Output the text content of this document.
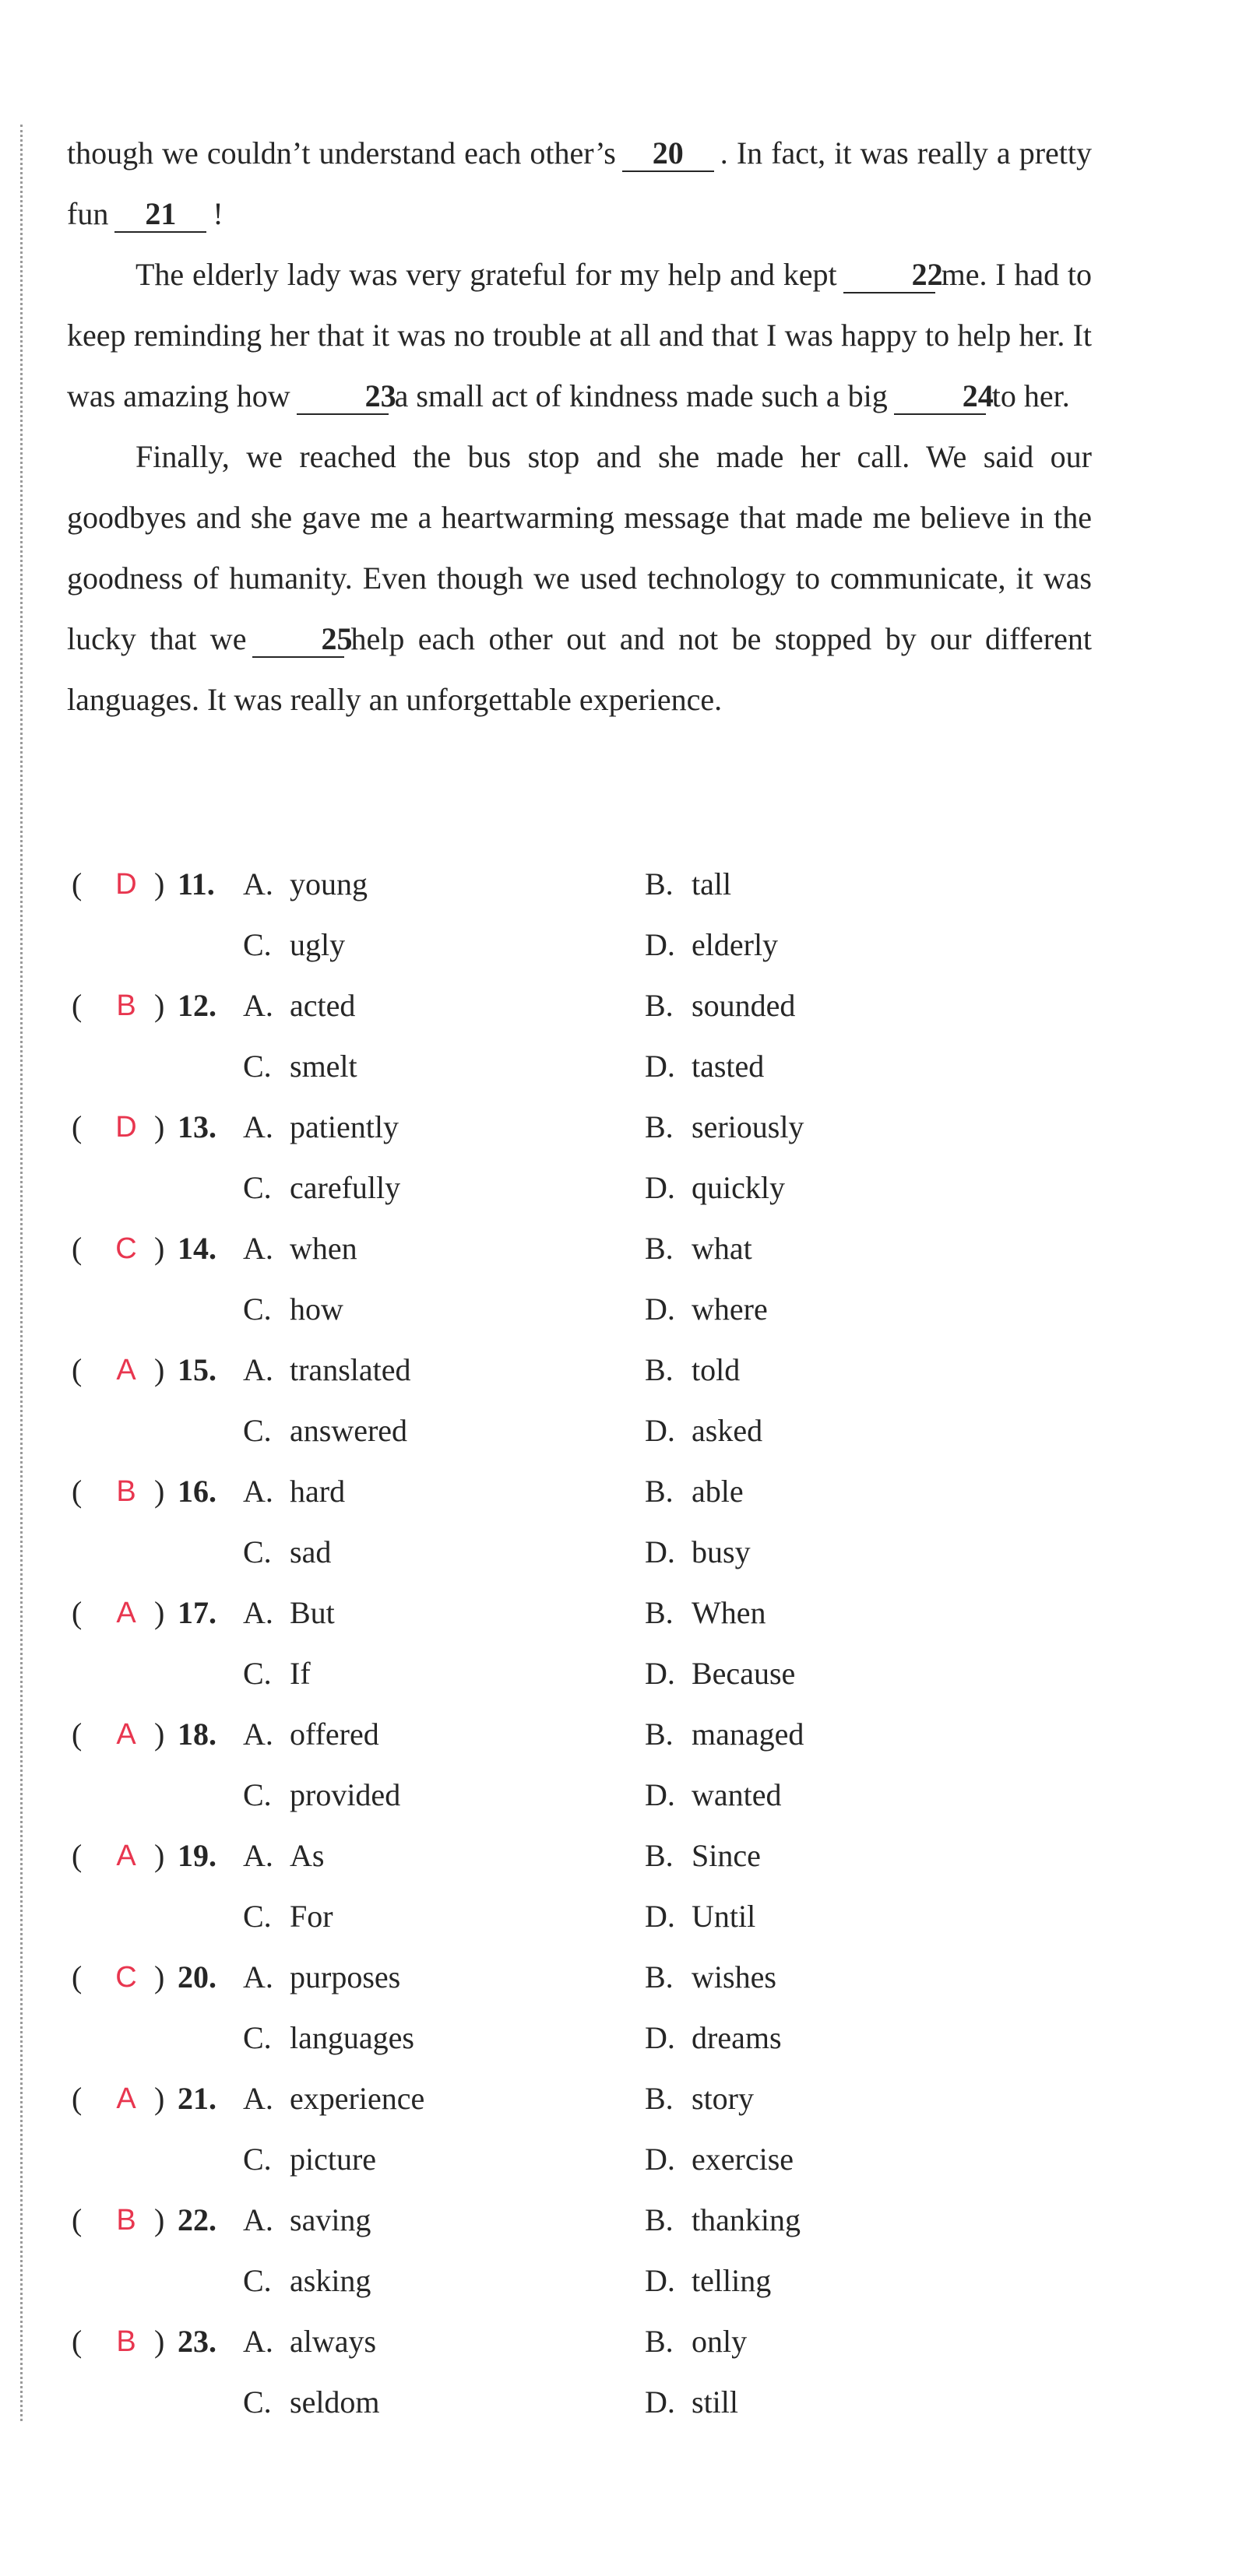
though we couldn’t understand each other’s 20 . In fact, it was really a pretty fun 21 !

The elderly lady was very grateful for my help and kept 22me. I had to keep reminding her that it was no trouble at all and that I was happy to help her. It was amazing how 23a small act of kindness made such a big 24to her.

Finally, we reached the bus stop and she made her call. We said our goodbyes and she gave me a heartwarming message that made me believe in the goodness of humanity. Even though we used technology to communicate, it was lucky that we 25help each other out and not be stopped by our different languages. It was really an unforgettable experience.

(	D ) 11. A. young	B. tall
C. ugly	D. elderly
(	B ) 12. A. acted	B. sounded
C. smelt	D. tasted
(	D ) 13. A. patiently	B. seriously
C. carefully	D. quickly
(	C ) 14. A. when	B. what
C. how	D. where
(	A ) 15. A. translated	B. told
C. answered	D. asked
(	B ) 16. A. hard	B. able
C. sad	D. busy
(	A ) 17. A. But	B. When
C. If	D. Because
(	A ) 18. A. offered	B. managed
C. provided	D. wanted
(	A ) 19. A. As	B. Since
C. For	D. Until
(	C ) 20. A. purposes	B. wishes
C. languages	D. dreams
(	A ) 21. A. experience	B. story
C. picture	D. exercise
(	B ) 22. A. saving	B. thanking
C. asking	D. telling
(	B ) 23. A. always	B. only
C. seldom	D. still
